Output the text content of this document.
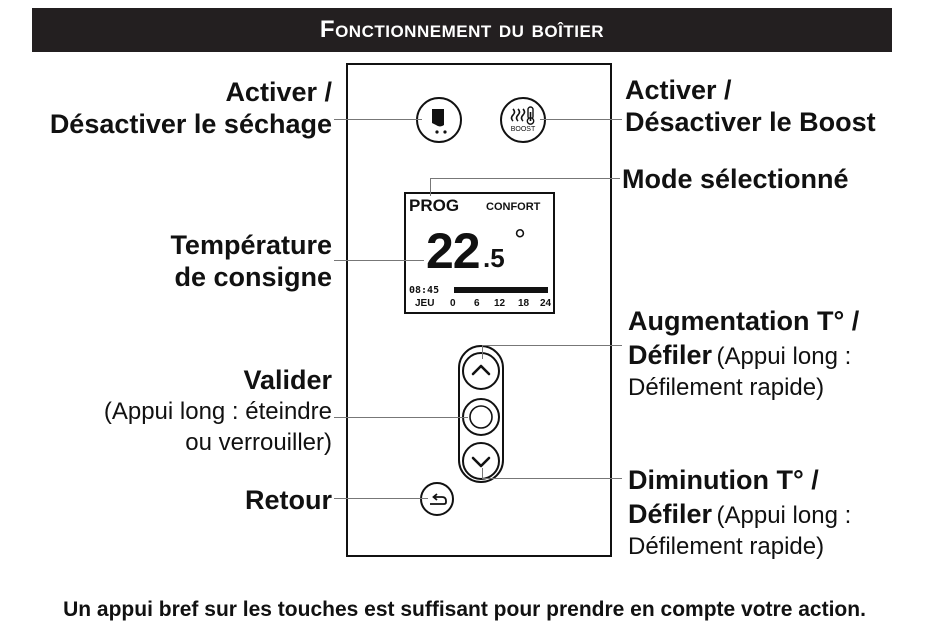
Fonctionnement du boîtier
BOOST
PROG CONFORT
22 .5
°
08:45
JEU 0 6 12 18 24
Activer /
Désactiver le séchage
Température
de consigne
Valider
(Appui long : éteindre
ou verrouiller)
Retour
Activer /
Désactiver le Boost
Mode sélectionné
Augmentation T° /
Défiler (Appui long :
Défilement rapide)
Diminution T° /
Défiler (Appui long :
Défilement rapide)
Un appui bref sur les touches est suffisant pour prendre en compte votre action.
